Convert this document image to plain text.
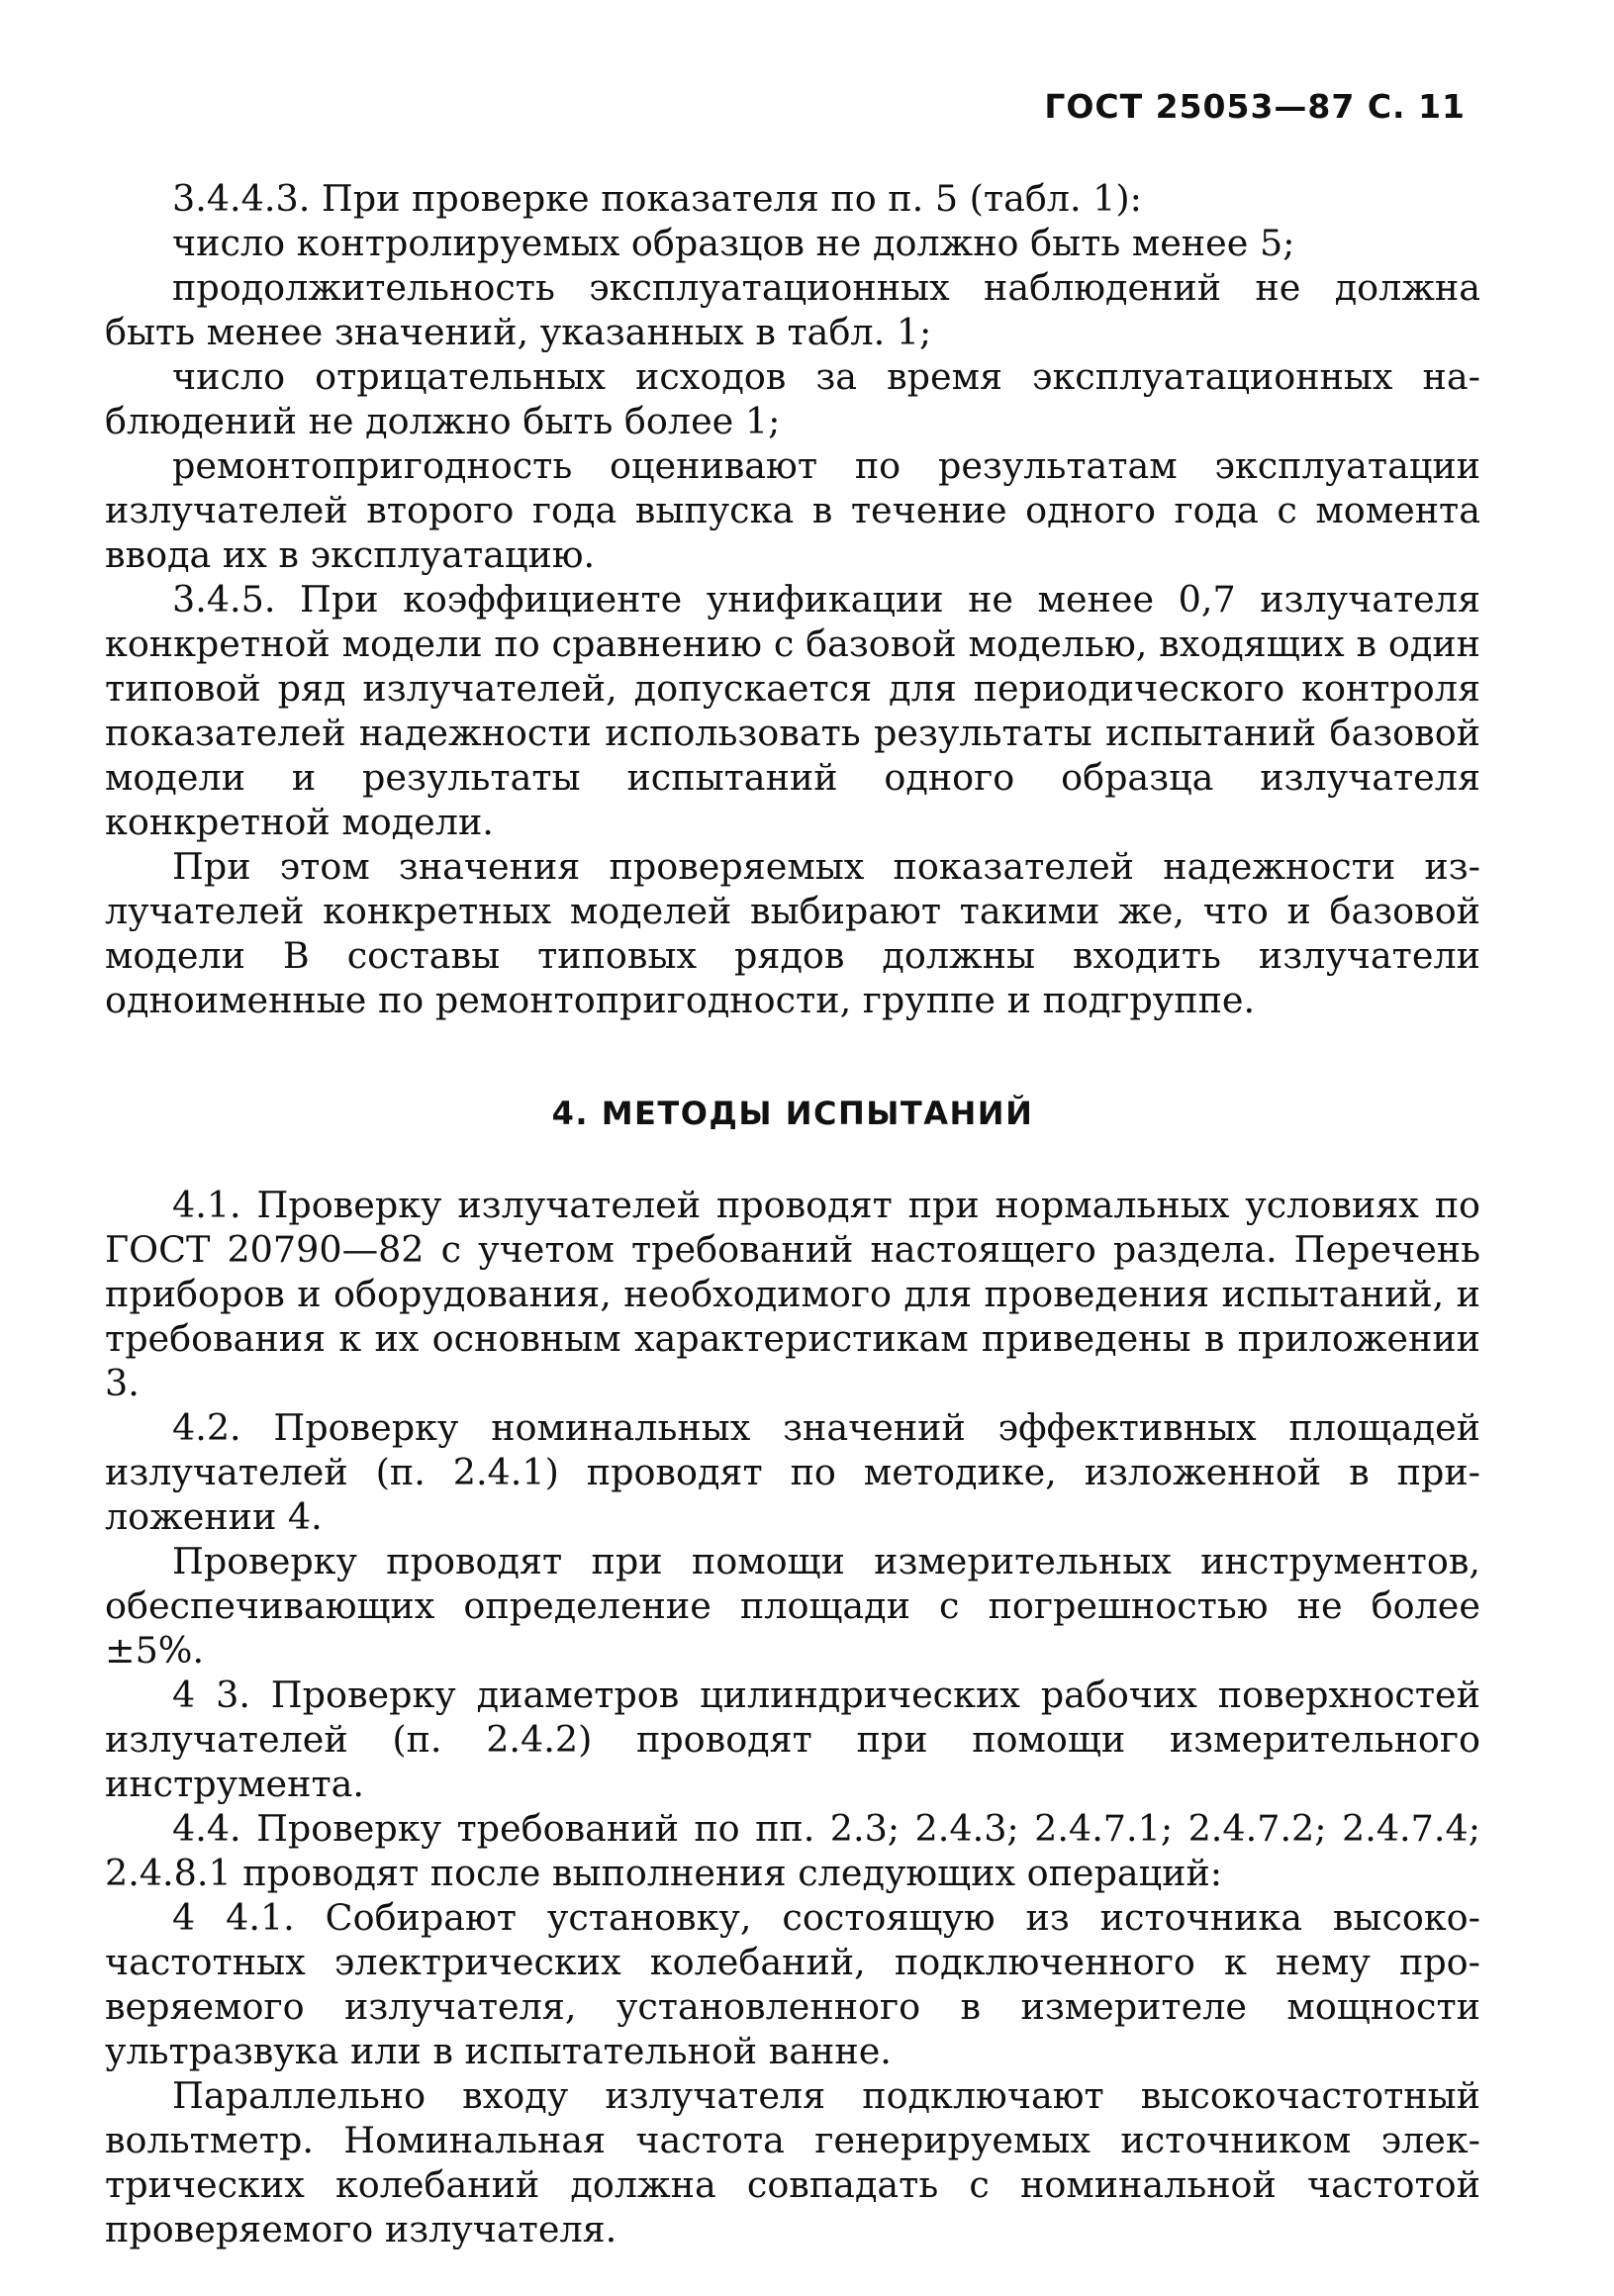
ГОСТ 25053—87 С. 11

3.4.4.3. При проверке показателя по п. 5 (табл. 1):

число контролируемых образцов не должно быть менее 5;

продолжительность эксплуатационных наблюдений не должна быть менее значений, указанных в табл. 1;

число отрицательных исходов за время эксплуатационных наблюдений не должно быть более 1;

ремонтопригодность оценивают по результатам эксплуатации излучателей второго года выпуска в течение одного года с момента ввода их в эксплуатацию.

3.4.5. При коэффициенте унификации не менее 0,7 излучателя конкретной модели по сравнению с базовой моделью, входящих в один типовой ряд излучателей, допускается для периодического контроля показателей надежности использовать результаты испытаний базовой модели и результаты испытаний одного образца излучателя конкретной модели.

При этом значения проверяемых показателей надежности излучателей конкретных моделей выбирают такими же, что и базовой модели В составы типовых рядов должны входить излучатели одноименные по ремонтопригодности, группе и подгруппе.

4. МЕТОДЫ ИСПЫТАНИЙ

4.1. Проверку излучателей проводят при нормальных условиях по ГОСТ 20790—82 с учетом требований настоящего раздела. Перечень приборов и оборудования, необходимого для проведения испытаний, и требования к их основным характеристикам приведены в приложении 3.

4.2. Проверку номинальных значений эффективных площадей излучателей (п. 2.4.1) проводят по методике, изложенной в приложении 4.

Проверку проводят при помощи измерительных инструментов, обеспечивающих определение площади с погрешностью не более ±5%.

4 3. Проверку диаметров цилиндрических рабочих поверхностей излучателей (п. 2.4.2) проводят при помощи измерительного инструмента.

4.4. Проверку требований по пп. 2.3; 2.4.3; 2.4.7.1; 2.4.7.2; 2.4.7.4; 2.4.8.1 проводят после выполнения следующих операций:

4 4.1. Собирают установку, состоящую из источника высокочастотных электрических колебаний, подключенного к нему проверяемого излучателя, установленного в измерителе мощности ультразвука или в испытательной ванне.

Параллельно входу излучателя подключают высокочастотный вольтметр. Номинальная частота генерируемых источником электрических колебаний должна совпадать с номинальной частотой проверяемого излучателя.
